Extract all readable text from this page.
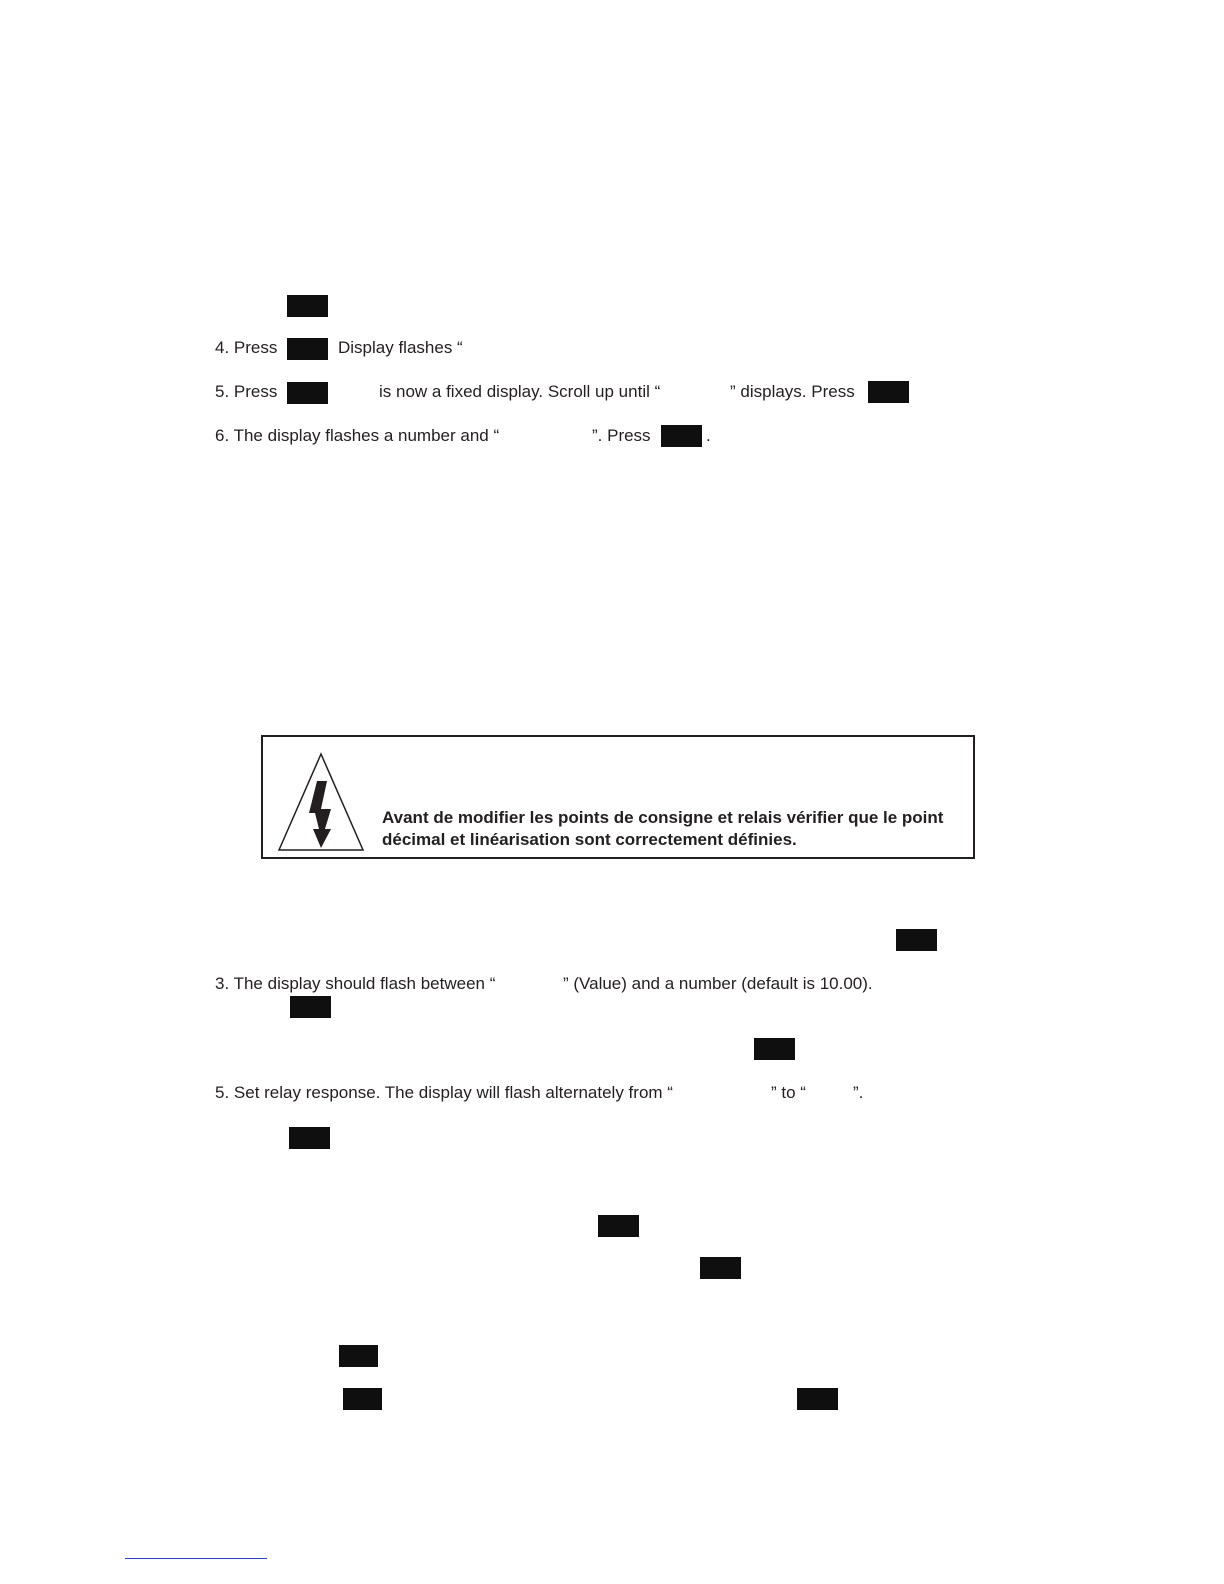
4. Press	Display flashes “
5. Press	is now a fixed display. Scroll up until “	” displays. Press
6. The display flashes a number and “	”. Press	.
Avant de modifier les points de consigne et relais vérifier que le point décimal et linéarisation sont correctement définies.
3. The display should flash between “	” (Value) and a number (default is 10.00).
5. Set relay response. The display will flash alternately from “	” to “	”.
